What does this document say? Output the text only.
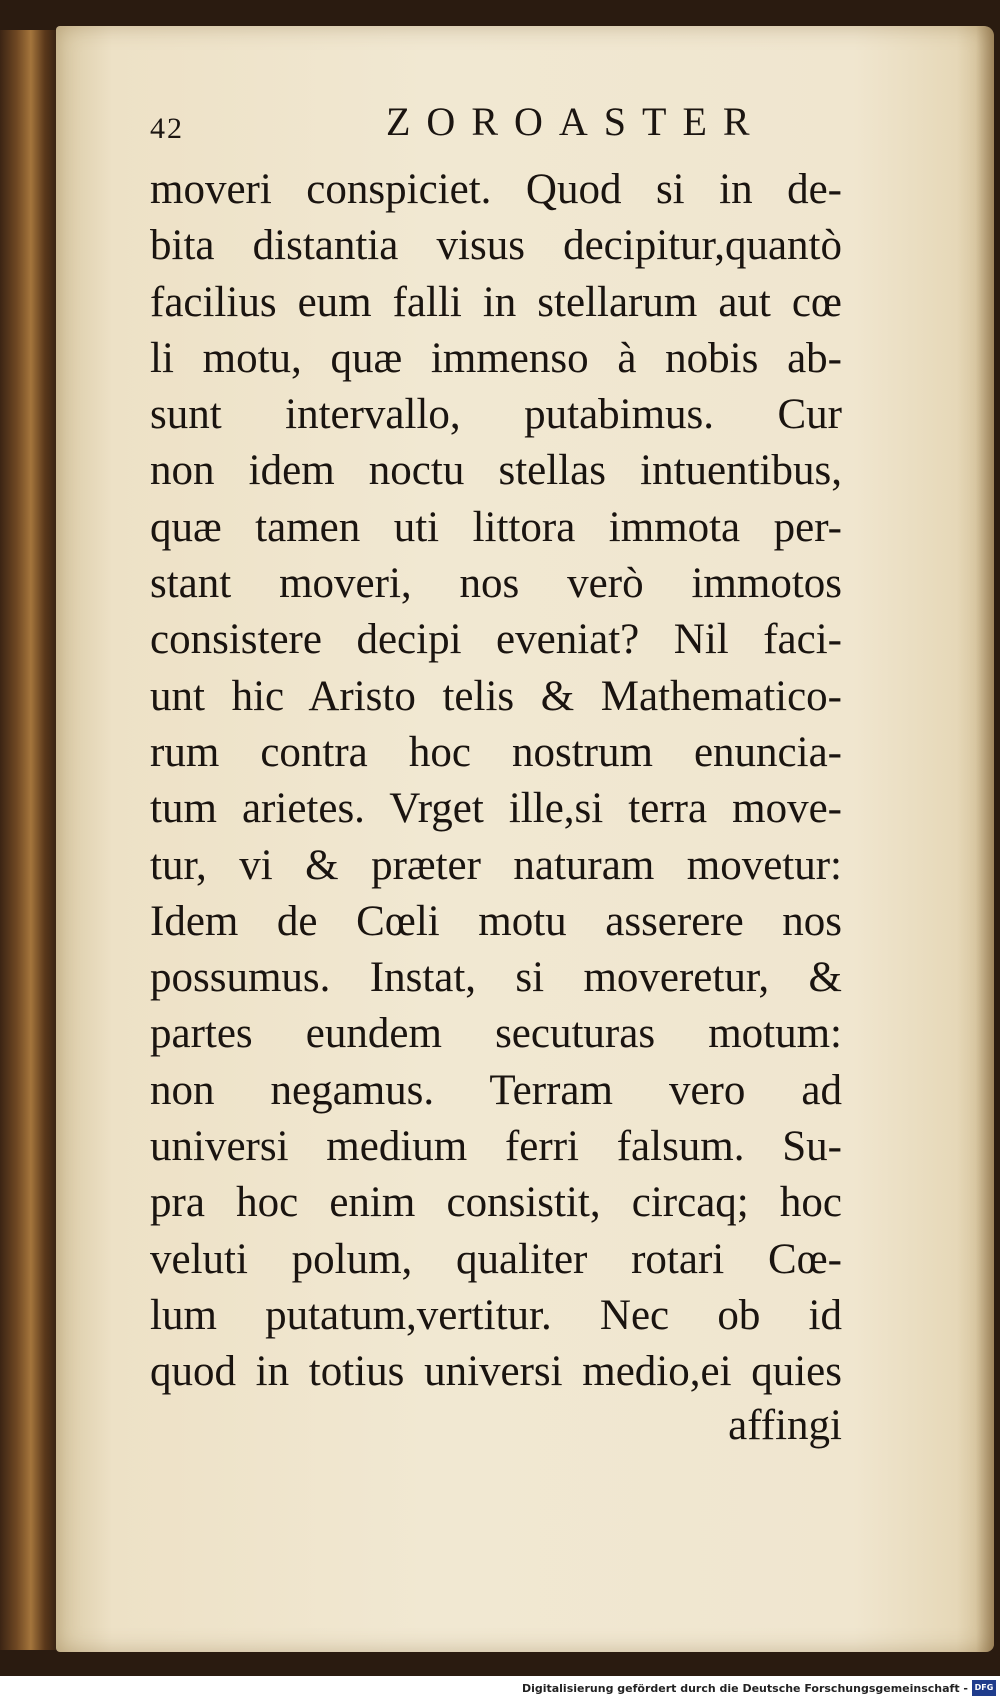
42	ZOROASTER
moveri conspiciet. Quod si in de-
bita distantia visus decipitur,quantò
facilius eum falli in stellarum aut cœ
li motu, quæ immenso à nobis ab-
sunt intervallo, putabimus. Cur
non idem noctu stellas intuentibus,
quæ tamen uti littora immota per-
stant moveri, nos verò immotos
consistere decipi eveniat? Nil faci-
unt hic Aristo telis & Mathematico-
rum contra hoc nostrum enuncia-
tum arietes. Vrget ille,si terra move-
tur, vi & præter naturam movetur:
Idem de Cœli motu asserere nos
possumus. Instat, si moveretur, &
partes eundem secuturas motum:
non negamus. Terram vero ad
universi medium ferri falsum. Su-
pra hoc enim consistit, circaq; hoc
veluti polum, qualiter rotari Cœ-
lum putatum,vertitur. Nec ob id
quod in totius universi medio,ei quies
affingi
Digitalisierung gefördert durch die Deutsche Forschungsgemeinschaft - DFG
